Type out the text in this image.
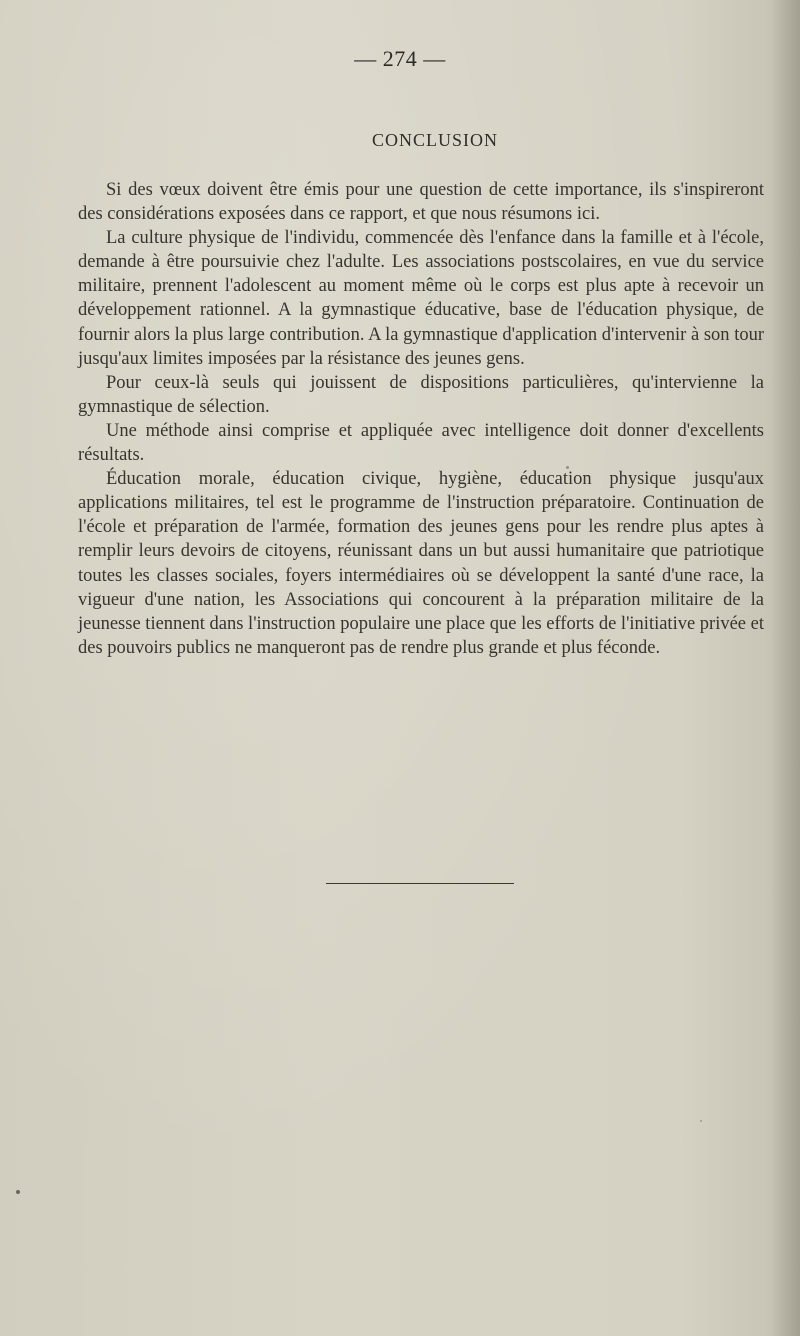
— 274 —
CONCLUSION

Si des vœux doivent être émis pour une question de cette importance, ils s'inspireront des considérations exposées dans ce rapport, et que nous résumons ici.

La culture physique de l'individu, commencée dès l'enfance dans la famille et à l'école, demande à être poursuivie chez l'adulte. Les associations postscolaires, en vue du service militaire, prennent l'adolescent au moment même où le corps est plus apte à recevoir un développement rationnel. A la gymnastique éducative, base de l'éducation physique, de fournir alors la plus large contribution. A la gymnastique d'application d'intervenir à son tour jusqu'aux limites imposées par la résistance des jeunes gens.

Pour ceux-là seuls qui jouissent de dispositions particulières, qu'intervienne la gymnastique de sélection.

Une méthode ainsi comprise et appliquée avec intelligence doit donner d'excellents résultats.

Éducation morale, éducation civique, hygiène, éducation physique jusqu'aux applications militaires, tel est le programme de l'instruction préparatoire. Continuation de l'école et préparation de l'armée, formation des jeunes gens pour les rendre plus aptes à remplir leurs devoirs de citoyens, réunissant dans un but aussi humanitaire que patriotique toutes les classes sociales, foyers intermédiaires où se développent la santé d'une race, la vigueur d'une nation, les Associations qui concourent à la préparation militaire de la jeunesse tiennent dans l'instruction populaire une place que les efforts de l'initiative privée et des pouvoirs publics ne manqueront pas de rendre plus grande et plus féconde.
